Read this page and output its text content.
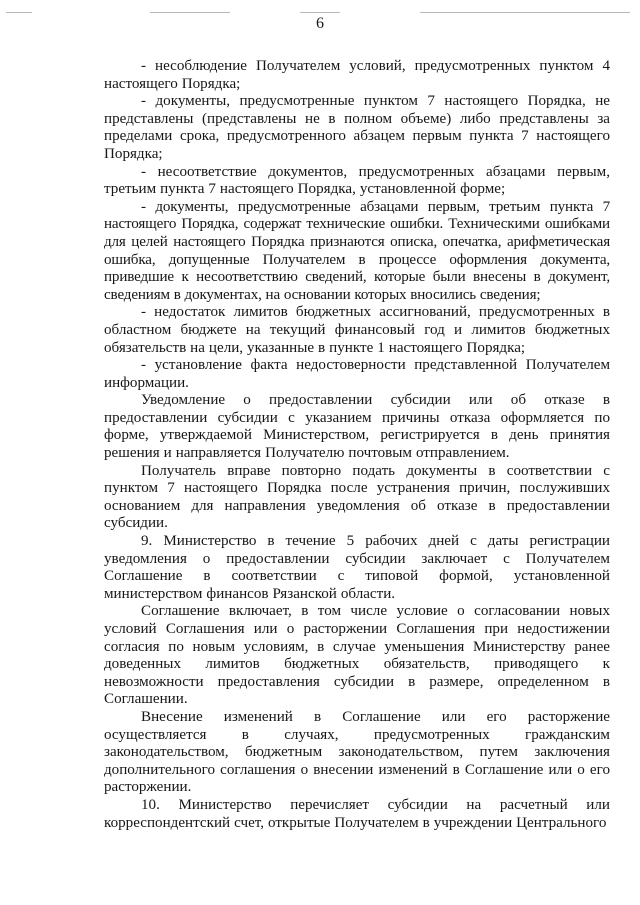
6

- несоблюдение Получателем условий, предусмотренных пунктом 4 настоящего Порядка;

- документы, предусмотренные пунктом 7 настоящего Порядка, не представлены (представлены не в полном объеме) либо представлены за пределами срока, предусмотренного абзацем первым пункта 7 настоящего Порядка;

- несоответствие документов, предусмотренных абзацами первым, третьим пункта 7 настоящего Порядка, установленной форме;

- документы, предусмотренные абзацами первым, третьим пункта 7 настоящего Порядка, содержат технические ошибки. Техническими ошибками для целей настоящего Порядка признаются описка, опечатка, арифметическая ошибка, допущенные Получателем в процессе оформления документа, приведшие к несоответствию сведений, которые были внесены в документ, сведениям в документах, на основании которых вносились сведения;

- недостаток лимитов бюджетных ассигнований, предусмотренных в областном бюджете на текущий финансовый год и лимитов бюджетных обязательств на цели, указанные в пункте 1 настоящего Порядка;

- установление факта недостоверности представленной Получателем информации.

Уведомление о предоставлении субсидии или об отказе в предоставлении субсидии с указанием причины отказа оформляется по форме, утверждаемой Министерством, регистрируется в день принятия решения и направляется Получателю почтовым отправлением.

Получатель вправе повторно подать документы в соответствии с пунктом 7 настоящего Порядка после устранения причин, послуживших основанием для направления уведомления об отказе в предоставлении субсидии.

9. Министерство в течение 5 рабочих дней с даты регистрации уведомления о предоставлении субсидии заключает с Получателем Соглашение в соответствии с типовой формой, установленной министерством финансов Рязанской области.

Соглашение включает, в том числе условие о согласовании новых условий Соглашения или о расторжении Соглашения при недостижении согласия по новым условиям, в случае уменьшения Министерству ранее доведенных лимитов бюджетных обязательств, приводящего к невозможности предоставления субсидии в размере, определенном в Соглашении.

Внесение изменений в Соглашение или его расторжение осуществляется в случаях, предусмотренных гражданским законодательством, бюджетным законодательством, путем заключения дополнительного соглашения о внесении изменений в Соглашение или о его расторжении.

10. Министерство перечисляет субсидии на расчетный или корреспондентский счет, открытые Получателем в учреждении Центрального
